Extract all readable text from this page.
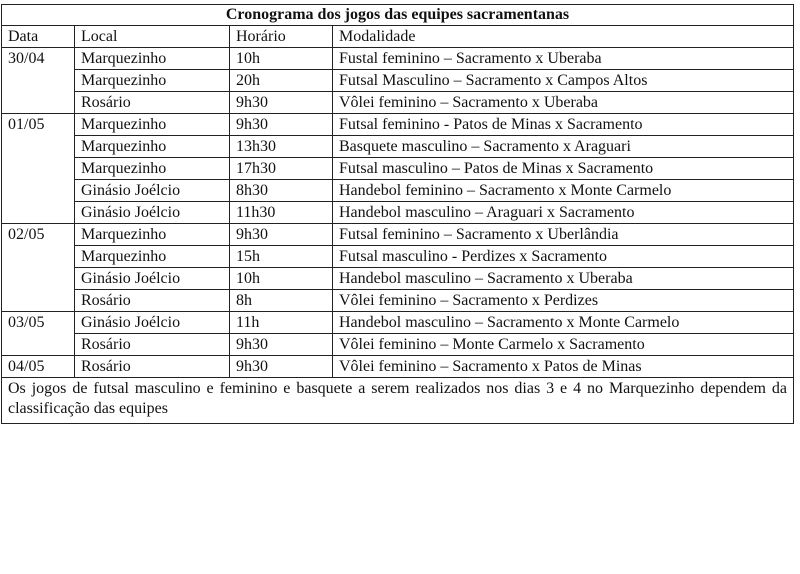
Cronograma dos jogos das equipes sacramentanas
Data	Local	Horário	Modalidade
30/04	Marquezinho	10h	Fustal feminino – Sacramento x Uberaba
	Marquezinho	20h	Futsal Masculino – Sacramento x Campos Altos
	Rosário	9h30	Vôlei feminino – Sacramento x Uberaba
01/05	Marquezinho	9h30	Futsal feminino - Patos de Minas x Sacramento
	Marquezinho	13h30	Basquete masculino – Sacramento x Araguari
	Marquezinho	17h30	Futsal masculino – Patos de Minas x Sacramento
	Ginásio Joélcio	8h30	Handebol feminino – Sacramento x Monte Carmelo
	Ginásio Joélcio	11h30	Handebol masculino – Araguari x Sacramento
02/05	Marquezinho	9h30	Futsal feminino – Sacramento x Uberlândia
	Marquezinho	15h	Futsal masculino - Perdizes x Sacramento
	Ginásio Joélcio	10h	Handebol masculino – Sacramento x Uberaba
	Rosário	8h	Vôlei feminino – Sacramento x Perdizes
03/05	Ginásio Joélcio	11h	Handebol masculino – Sacramento x Monte Carmelo
	Rosário	9h30	Vôlei feminino – Monte Carmelo x Sacramento
04/05	Rosário	9h30	Vôlei feminino – Sacramento x Patos de Minas
Os jogos de futsal masculino e feminino e basquete a serem realizados nos dias 3 e 4 no Marquezinho dependem da classificação das equipes			
